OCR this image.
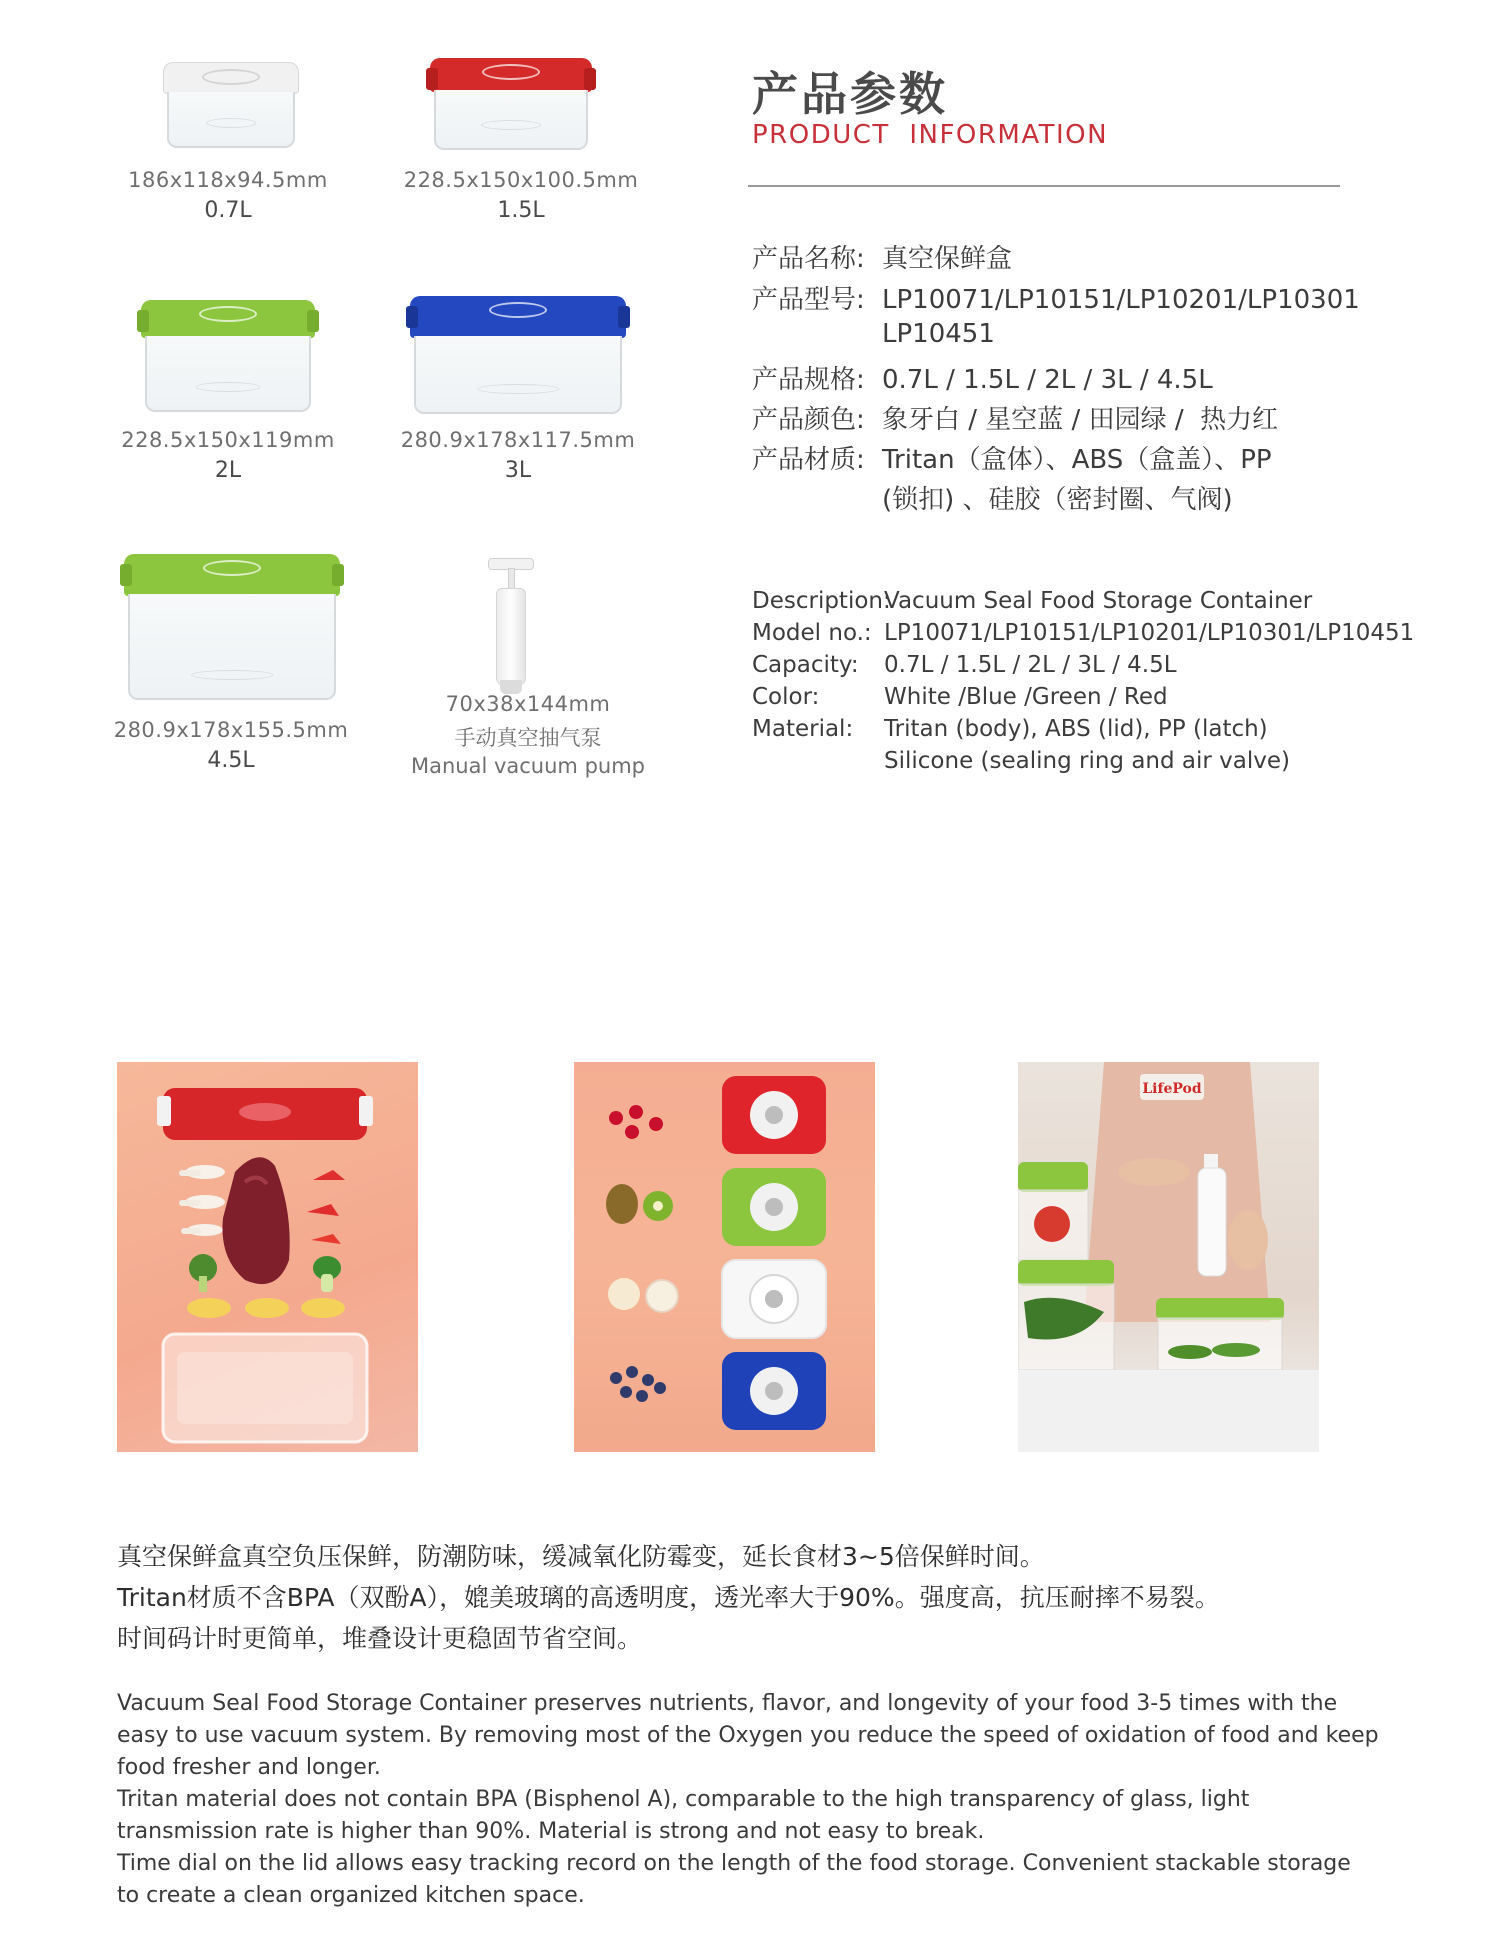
186x118x94.5mm
0.7L
228.5x150x100.5mm
1.5L
228.5x150x119mm
2L
280.9x178x117.5mm
3L
280.9x178x155.5mm
4.5L
70x38x144mm
手动真空抽气泵
Manual vacuum pump
产品参数
PRODUCT  INFORMATION
产品名称: 真空保鲜盒
产品型号: LP10071/LP10151/LP10201/LP10301
LP10451
产品规格: 0.7L / 1.5L / 2L / 3L / 4.5L
产品颜色: 象牙白 / 星空蓝 / 田园绿 /  热力红
产品材质: Tritan（盒体）、ABS（盒盖）、PP
(锁扣) 、硅胶（密封圈、气阀)
Description:Vacuum Seal Food Storage Container
Model no.: LP10071/LP10151/LP10201/LP10301/LP10451
Capacity: 0.7L / 1.5L / 2L / 3L / 4.5L
Color:	White /Blue /Green / Red
Material: Tritan (body), ABS (lid), PP (latch)
Silicone (sealing ring and air valve)
LifePod
真空保鲜盒真空负压保鲜，防潮防味，缓减氧化防霉变，延长食材3~5倍保鲜时间。
Tritan材质不含BPA（双酚A），媲美玻璃的高透明度，透光率大于90%。强度高，抗压耐摔不易裂。
时间码计时更简单，堆叠设计更稳固节省空间。
Vacuum Seal Food Storage Container preserves nutrients, flavor, and longevity of your food 3-5 times with the
easy to use vacuum system. By removing most of the Oxygen you reduce the speed of oxidation of food and keep
food fresher and longer.
Tritan material does not contain BPA (Bisphenol A), comparable to the high transparency of glass, light
transmission rate is higher than 90%. Material is strong and not easy to break.
Time dial on the lid allows easy tracking record on the length of the food storage. Convenient stackable storage
to create a clean organized kitchen space.
